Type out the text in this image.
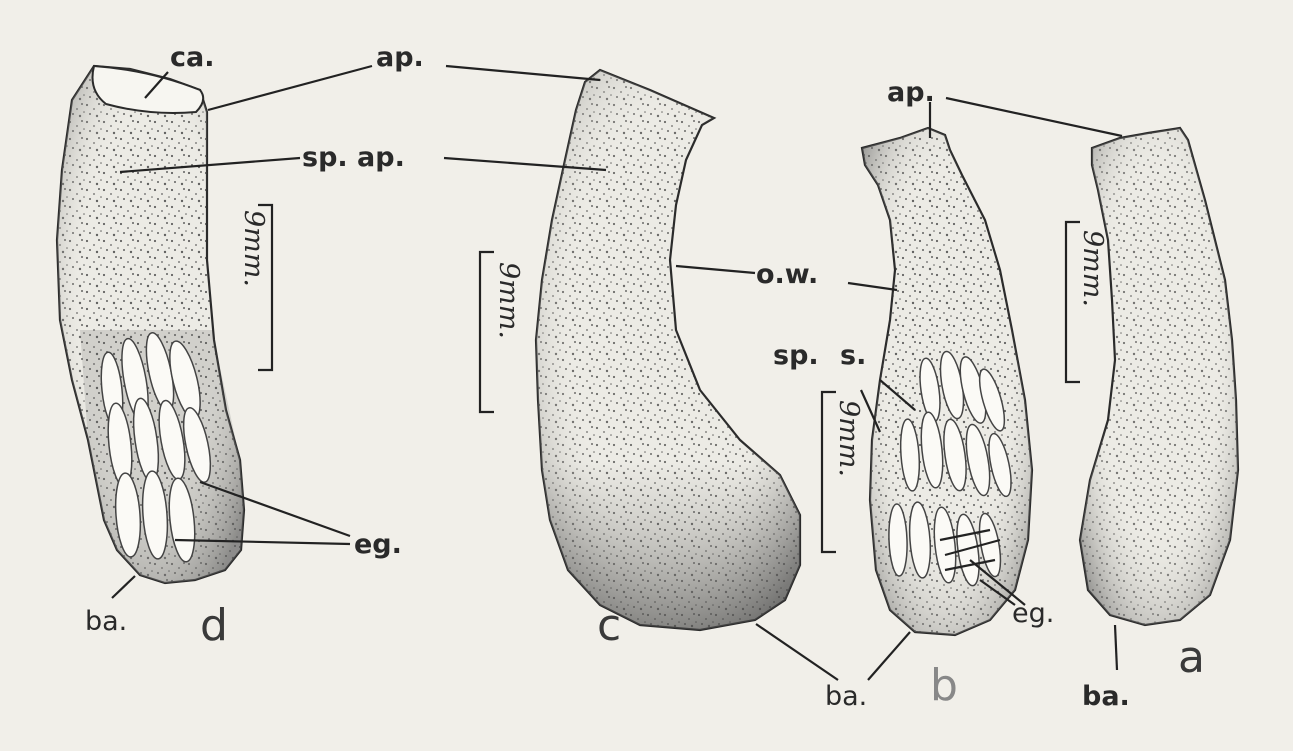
9mm.
9mm.
9mm.
9mm.
ca.	ap.
ap.
sp. ap.
o.w.
sp. s.
eg.
eg.
ba.
ba.	ba.
d	c
b
a
